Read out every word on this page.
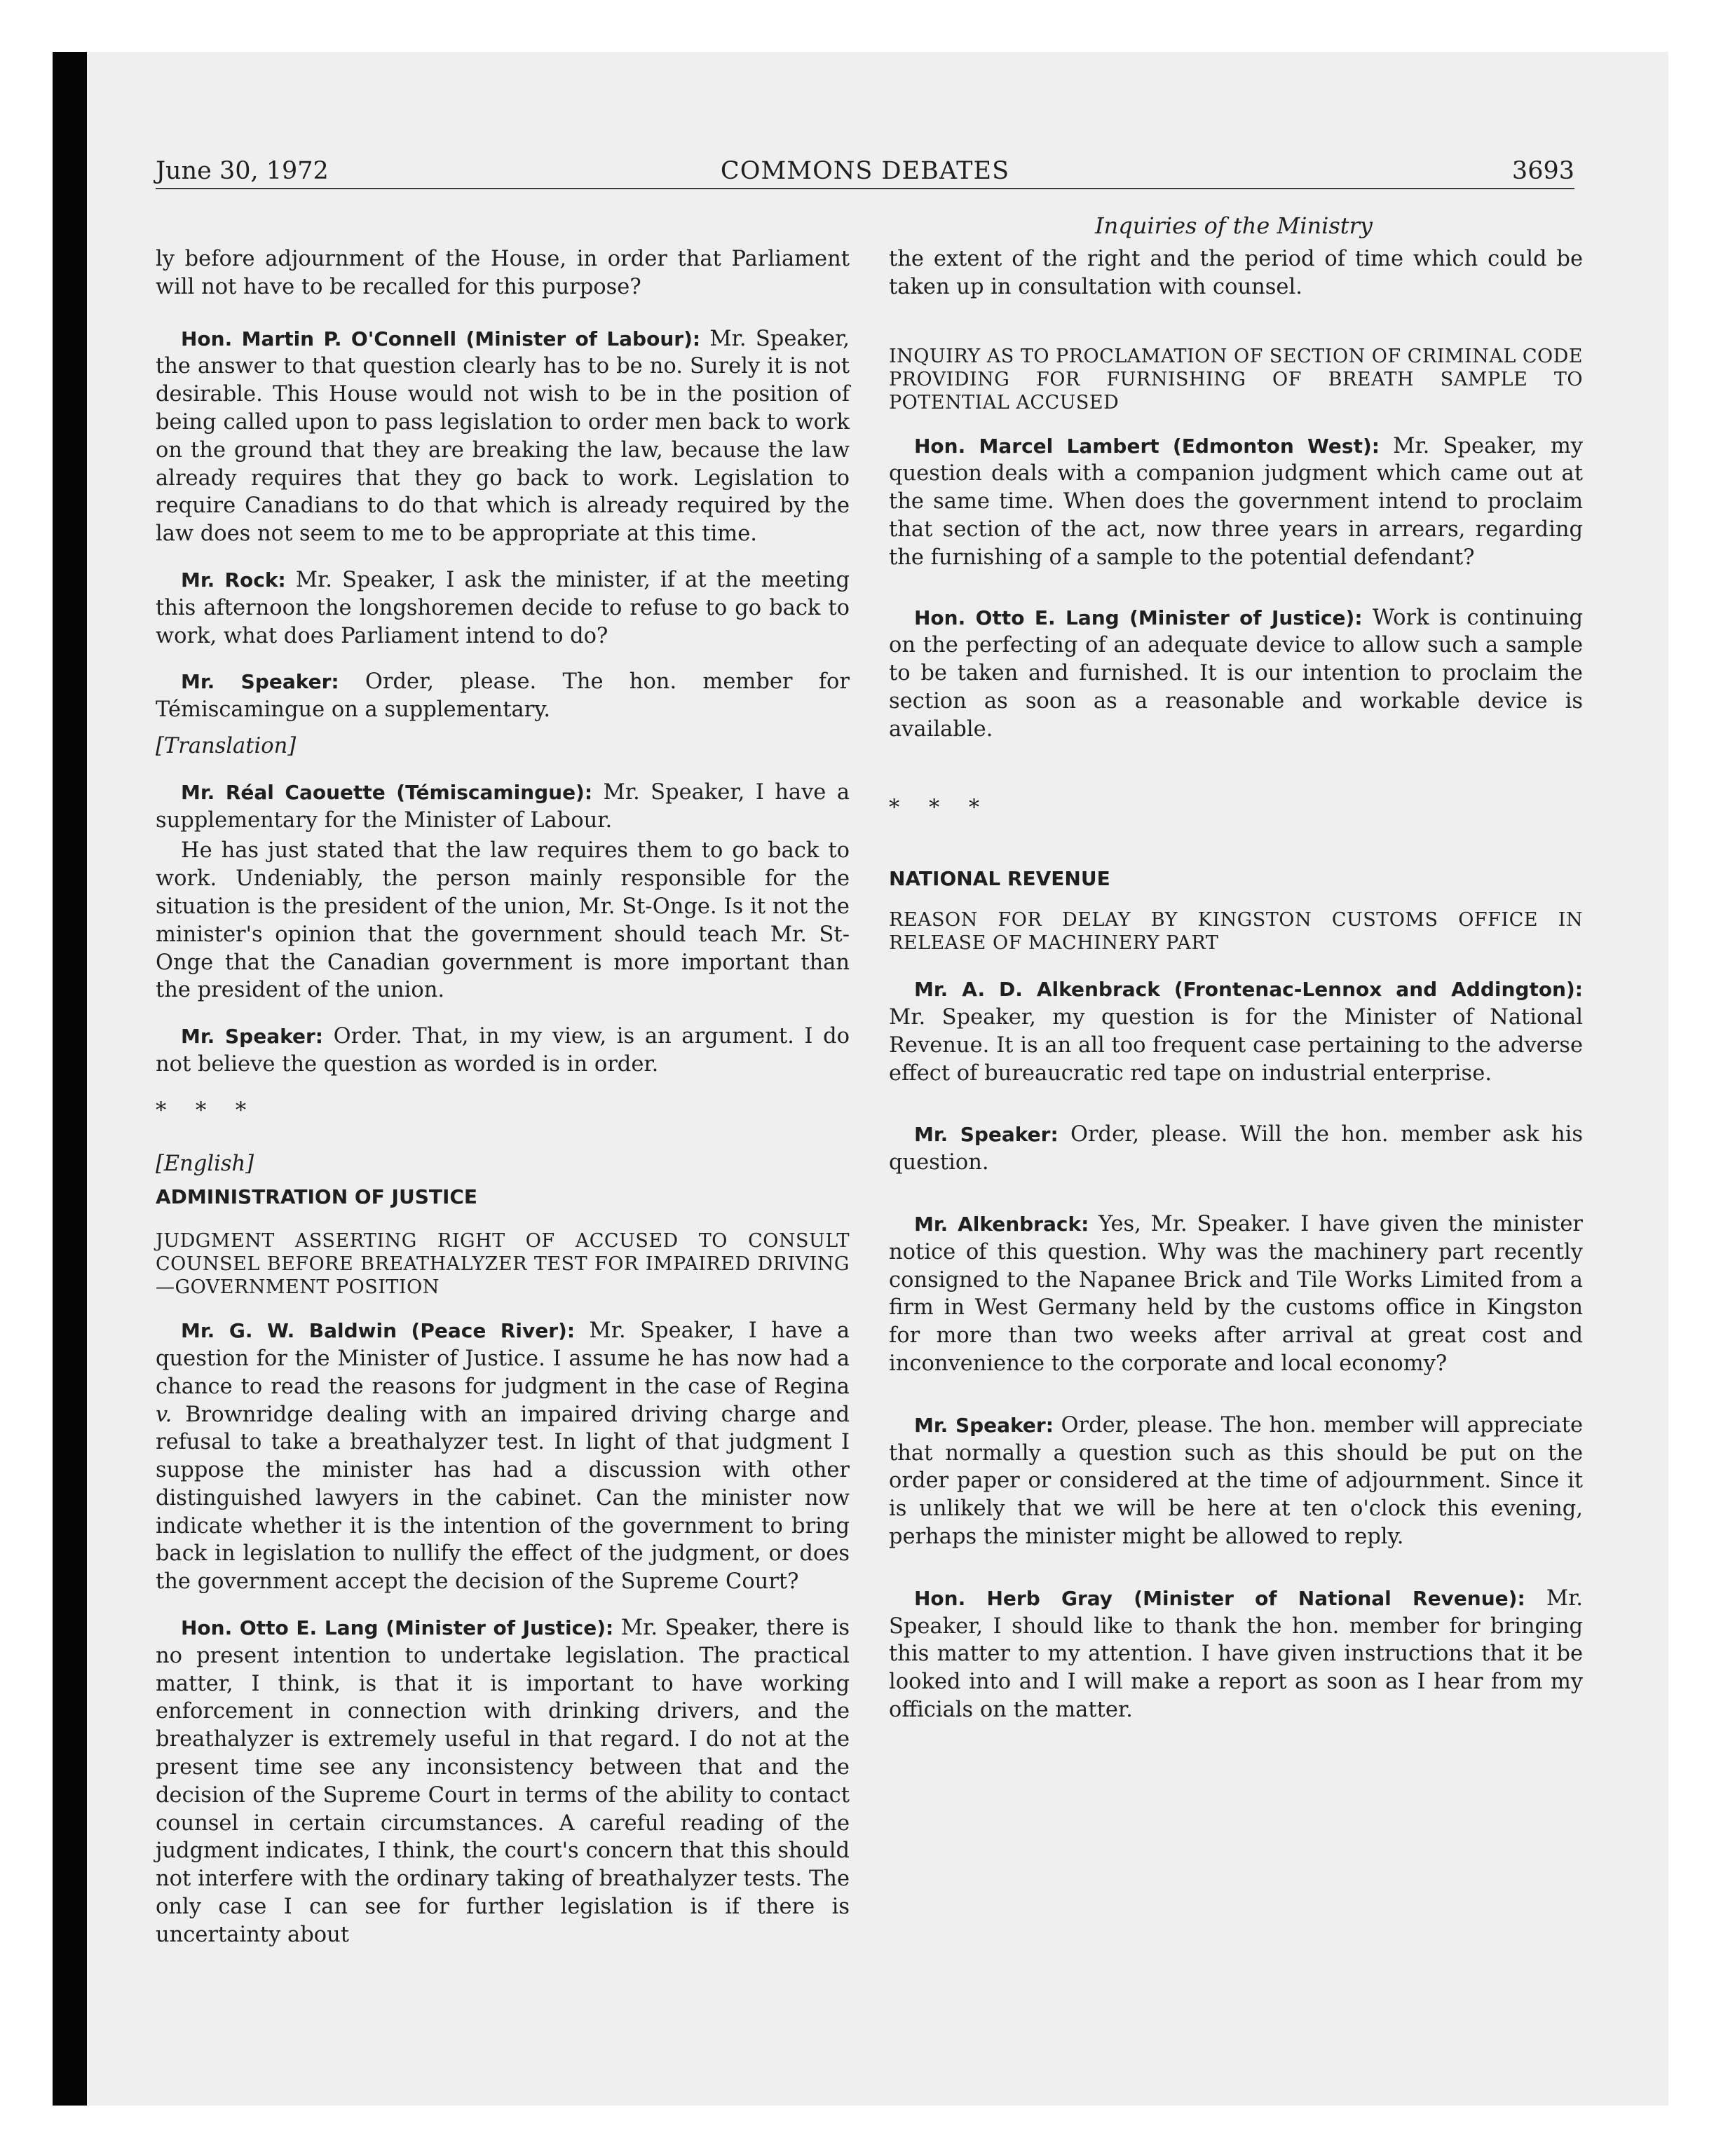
June 30, 1972	COMMONS DEBATES	3693
Inquiries of the Ministry

ly before adjournment of the House, in order that Parliament will not have to be recalled for this purpose?

Hon. Martin P. O'Connell (Minister of Labour): Mr. Speaker, the answer to that question clearly has to be no. Surely it is not desirable. This House would not wish to be in the position of being called upon to pass legislation to order men back to work on the ground that they are breaking the law, because the law already requires that they go back to work. Legislation to require Canadians to do that which is already required by the law does not seem to me to be appropriate at this time.

Mr. Rock: Mr. Speaker, I ask the minister, if at the meeting this afternoon the longshoremen decide to refuse to go back to work, what does Parliament intend to do?

Mr. Speaker: Order, please. The hon. member for Témiscamingue on a supplementary.

[Translation]

Mr. Réal Caouette (Témiscamingue): Mr. Speaker, I have a supplementary for the Minister of Labour.

He has just stated that the law requires them to go back to work. Undeniably, the person mainly responsible for the situation is the president of the union, Mr. St-Onge. Is it not the minister's opinion that the government should teach Mr. St-Onge that the Canadian government is more important than the president of the union.

Mr. Speaker: Order. That, in my view, is an argument. I do not believe the question as worded is in order.

* * *

[English]

ADMINISTRATION OF JUSTICE

JUDGMENT ASSERTING RIGHT OF ACCUSED TO CONSULT COUNSEL BEFORE BREATHALYZER TEST FOR IMPAIRED DRIVING—GOVERNMENT POSITION

Mr. G. W. Baldwin (Peace River): Mr. Speaker, I have a question for the Minister of Justice. I assume he has now had a chance to read the reasons for judgment in the case of Regina v. Brownridge dealing with an impaired driving charge and refusal to take a breathalyzer test. In light of that judgment I suppose the minister has had a discussion with other distinguished lawyers in the cabinet. Can the minister now indicate whether it is the intention of the government to bring back in legislation to nullify the effect of the judgment, or does the government accept the decision of the Supreme Court?

Hon. Otto E. Lang (Minister of Justice): Mr. Speaker, there is no present intention to undertake legislation. The practical matter, I think, is that it is important to have working enforcement in connection with drinking drivers, and the breathalyzer is extremely useful in that regard. I do not at the present time see any inconsistency between that and the decision of the Supreme Court in terms of the ability to contact counsel in certain circumstances. A careful reading of the judgment indicates, I think, the court's concern that this should not interfere with the ordinary taking of breathalyzer tests. The only case I can see for further legislation is if there is uncertainty about

the extent of the right and the period of time which could be taken up in consultation with counsel.

INQUIRY AS TO PROCLAMATION OF SECTION OF CRIMINAL CODE PROVIDING FOR FURNISHING OF BREATH SAMPLE TO POTENTIAL ACCUSED

Hon. Marcel Lambert (Edmonton West): Mr. Speaker, my question deals with a companion judgment which came out at the same time. When does the government intend to proclaim that section of the act, now three years in arrears, regarding the furnishing of a sample to the potential defendant?

Hon. Otto E. Lang (Minister of Justice): Work is continuing on the perfecting of an adequate device to allow such a sample to be taken and furnished. It is our intention to proclaim the section as soon as a reasonable and workable device is available.

* * *

NATIONAL REVENUE

REASON FOR DELAY BY KINGSTON CUSTOMS OFFICE IN RELEASE OF MACHINERY PART

Mr. A. D. Alkenbrack (Frontenac-Lennox and Addington): Mr. Speaker, my question is for the Minister of National Revenue. It is an all too frequent case pertaining to the adverse effect of bureaucratic red tape on industrial enterprise.

Mr. Speaker: Order, please. Will the hon. member ask his question.

Mr. Alkenbrack: Yes, Mr. Speaker. I have given the minister notice of this question. Why was the machinery part recently consigned to the Napanee Brick and Tile Works Limited from a firm in West Germany held by the customs office in Kingston for more than two weeks after arrival at great cost and inconvenience to the corporate and local economy?

Mr. Speaker: Order, please. The hon. member will appreciate that normally a question such as this should be put on the order paper or considered at the time of adjournment. Since it is unlikely that we will be here at ten o'clock this evening, perhaps the minister might be allowed to reply.

Hon. Herb Gray (Minister of National Revenue): Mr. Speaker, I should like to thank the hon. member for bringing this matter to my attention. I have given instructions that it be looked into and I will make a report as soon as I hear from my officials on the matter.
